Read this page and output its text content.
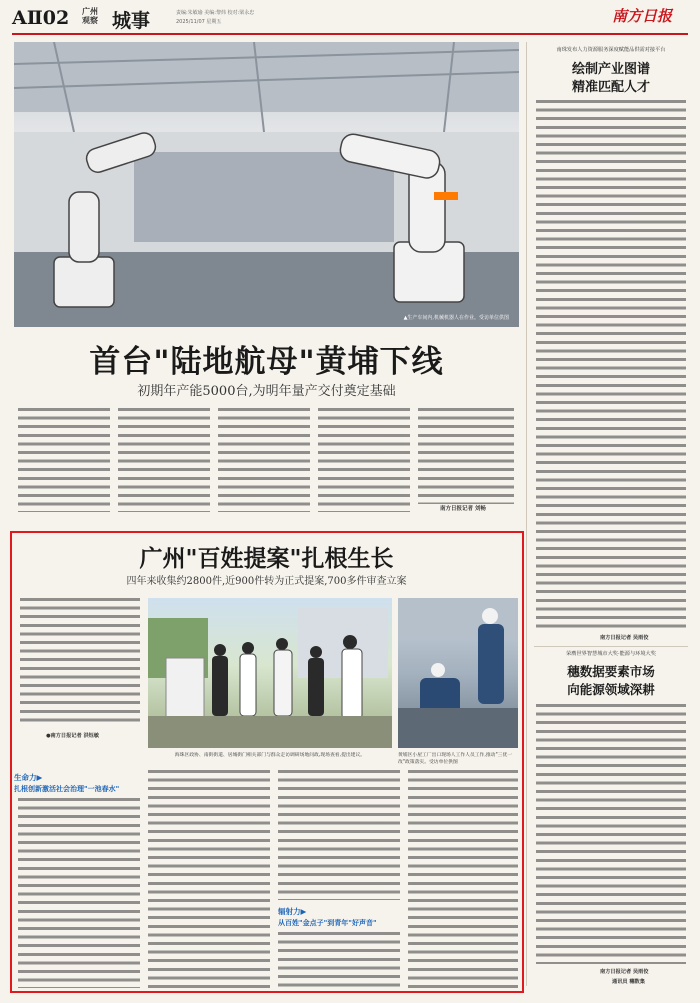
AⅡ02 广州观察 城事	责编:朱敏瑜 美编:黎炜 校对:梁永忠
2025/11/07 星期五	南方日报
▲生产车间内,机械机器人在作业。受访单位供图
首台"陆地航母"黄埔下线
初期年产能5000台,为明年量产交付奠定基础
南方日报记者 刘畅
南珠发布人力资源服务深度赋能品供需对接平台
绘制产业图谱
精准匹配人才
南方日报记者 吴雨佼
荣膺世界智慧城市大奖·能源与环境大奖
穗数据要素市场
向能源领域深耕
南方日报记者 吴雨佼
通讯员 穗数集
广州"百姓提案"扎根生长
四年来收集约2800件,近900件转为正式提案,700多件审查立案
●南方日报记者 洪钰敏
海珠区政协、南街街道、居城街门相关部门与群众走访调研场地问政,现场查看,提出建议。	黄埔区小屋工厂出口现场人工作人员工作,推动"三优一改"政策落实。受访单位供图
生命力▶
扎根创新激活社会治理"一池春水"
辐射力▶
从百姓"金点子"到青年"好声音"
